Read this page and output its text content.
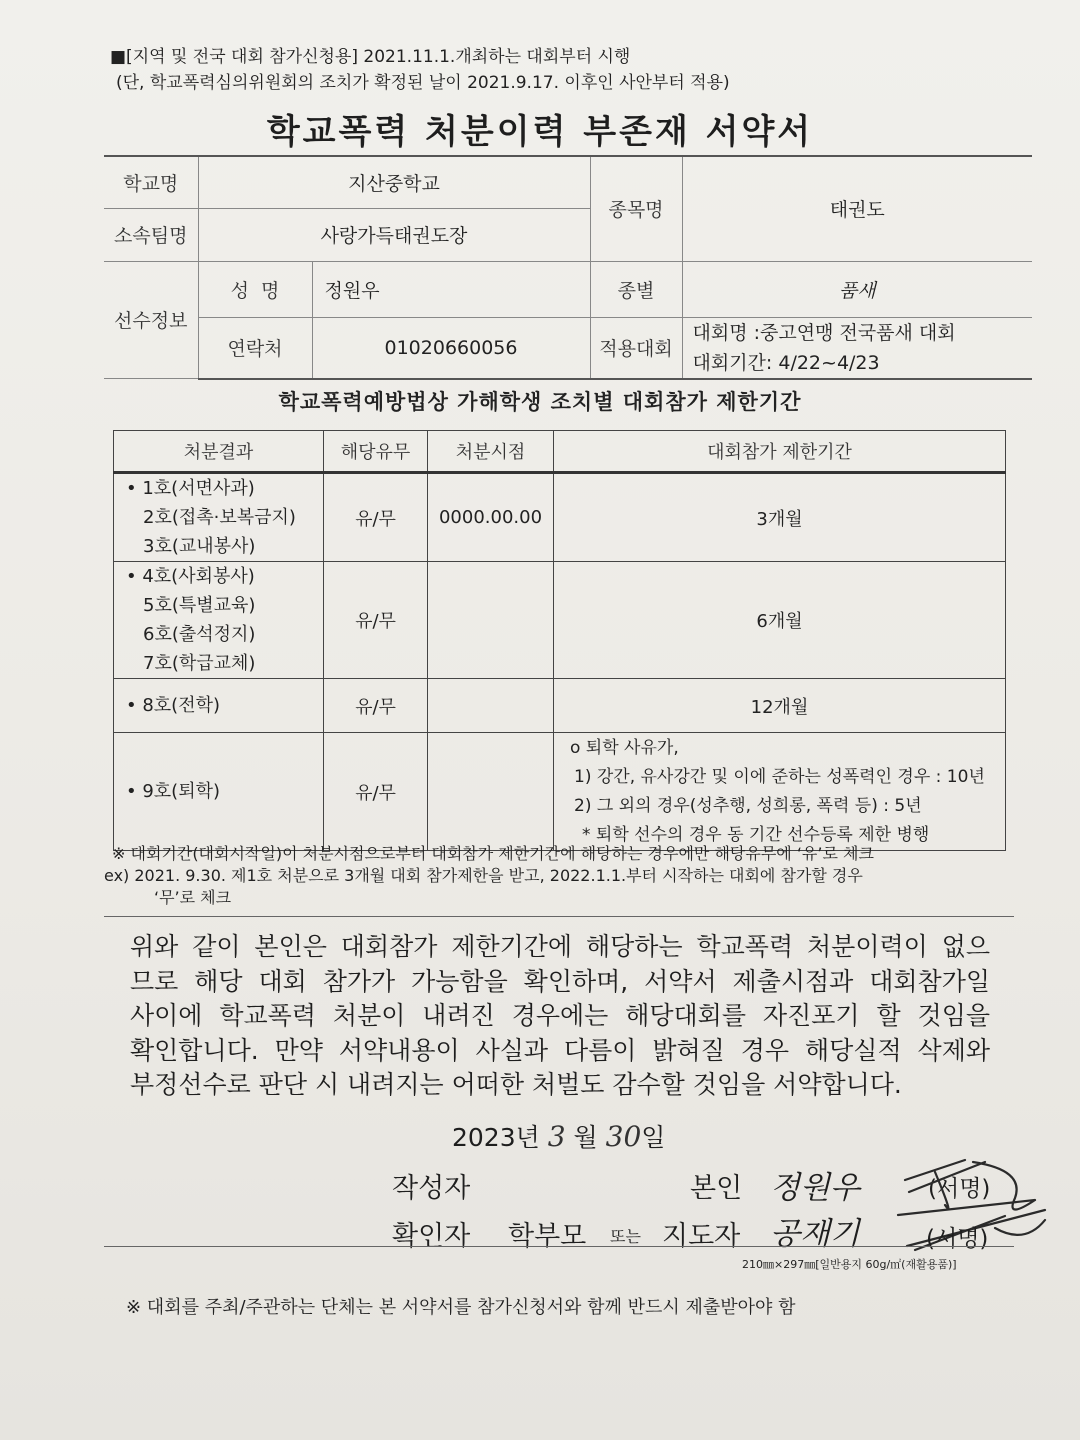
■[지역 및 전국 대회 참가신청용] 2021.11.1.개최하는 대회부터 시행
(단, 학교폭력심의위원회의 조치가 확정된 날이 2021.9.17. 이후인 사안부터 적용)
학교폭력 처분이력 부존재 서약서
학교명	지산중학교		종목명	태권도
소속팀명	사랑가득태권도장			
선수정보	성  명	정원우	종별	품새
	연락처	01020660056	적용대회	대회명 :중고연맹 전국품새 대회
대회기간: 4/22~4/23
학교폭력예방법상 가해학생 조치별 대회참가 제한기간
처분결과	해당유무	처분시점	대회참가 제한기간

• 1호(서면사과)
2호(접촉·보복금지)
3호(교내봉사)	유/무	0000.00.00	3개월

• 4호(사회봉사)
5호(특별교육)
6호(출석정지)
7호(학급교체)	유/무		6개월

• 8호(전학)	유/무		12개월

• 9호(퇴학)	유/무		o 퇴학 사유가,
1) 강간, 유사강간 및 이에 준하는 성폭력인 경우 : 10년
2) 그 외의 경우(성추행, 성희롱, 폭력 등) : 5년
* 퇴학 선수의 경우 동 기간 선수등록 제한 병행
※ 대회기간(대회시작일)이 처분시점으로부터 대회참가 제한기간에 해당하는 경우에만 해당유무에 ‘유’로 체크
ex) 2021. 9.30. 제1호 처분으로 3개월 대회 참가제한을 받고, 2022.1.1.부터 시작하는 대회에 참가할 경우
‘무’로 체크
위와 같이 본인은 대회참가 제한기간에 해당하는 학교폭력 처분이력이 없으
므로 해당 대회 참가가 가능함을 확인하며, 서약서 제출시점과 대회참가일
사이에 학교폭력 처분이 내려진 경우에는 해당대회를 자진포기 할 것임을
확인합니다. 만약 서약내용이 사실과 다름이 밝혀질 경우 해당실적 삭제와
부정선수로 판단 시 내려지는 어떠한 처벌도 감수할 것임을 서약합니다.
2023년 3 월 30일
작성자	본인 정원우	(서명)
확인자 학부모 또는 지도자 공재기	(서명)
210㎜×297㎜[일반용지 60g/㎡(재활용품)]
※ 대회를 주최/주관하는 단체는 본 서약서를 참가신청서와 함께 반드시 제출받아야 함
